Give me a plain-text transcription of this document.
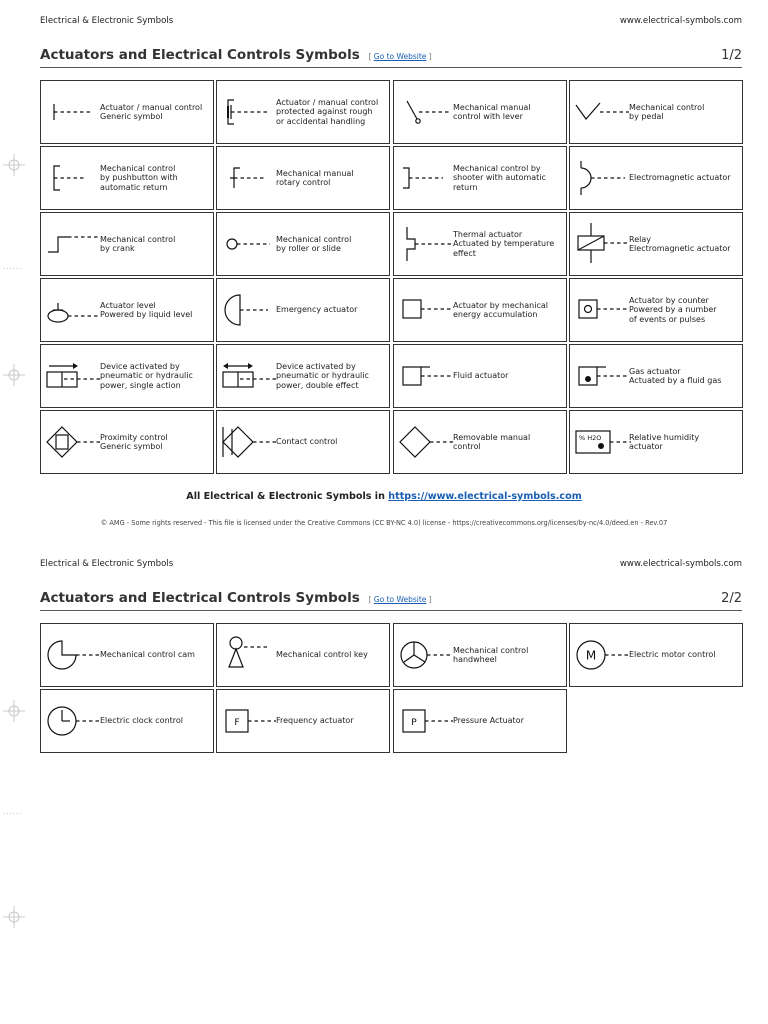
Electrical & Electronic Symbols	www.electrical-symbols.com
Actuators and Electrical Controls Symbols [ Go to Website ]	1/2
Actuator / manual control
Generic symbol
Actuator / manual control
protected against rough
or accidental handling
Mechanical manual
control with lever
Mechanical control
by pedal
Mechanical control
by pushbutton with
automatic return
Mechanical manual
rotary control
Mechanical control by
shooter with automatic
return
Electromagnetic actuator
Mechanical control
by crank
Mechanical control
by roller or slide
Thermal actuator
Actuated by temperature
effect
Relay
Electromagnetic actuator
Actuator level
Powered by liquid level
Emergency actuator
Actuator by mechanical
energy accumulation
Actuator by counter
Powered by a number
of events or pulses
Device activated by
pneumatic or hydraulic
power, single action
Device activated by
pneumatic or hydraulic
power, double effect
Fluid actuator
Gas actuator
Actuated by a fluid gas
Proximity control
Generic symbol
Contact control
Removable manual
control
% H2O	Relative humidity
actuator
All Electrical & Electronic Symbols in https://www.electrical-symbols.com
© AMG - Some rights reserved - This file is licensed under the Creative Commons (CC BY-NC 4.0) license - https://creativecommons.org/licenses/by-nc/4.0/deed.en - Rev.07
Electrical & Electronic Symbols	www.electrical-symbols.com
Actuators and Electrical Controls Symbols [ Go to Website ]	2/2
Mechanical control cam	Mechanical control key
Mechanical control
handwheel	M	Electric motor control
Electric clock control	F	Frequency actuator	P	Pressure Actuator
......
......
